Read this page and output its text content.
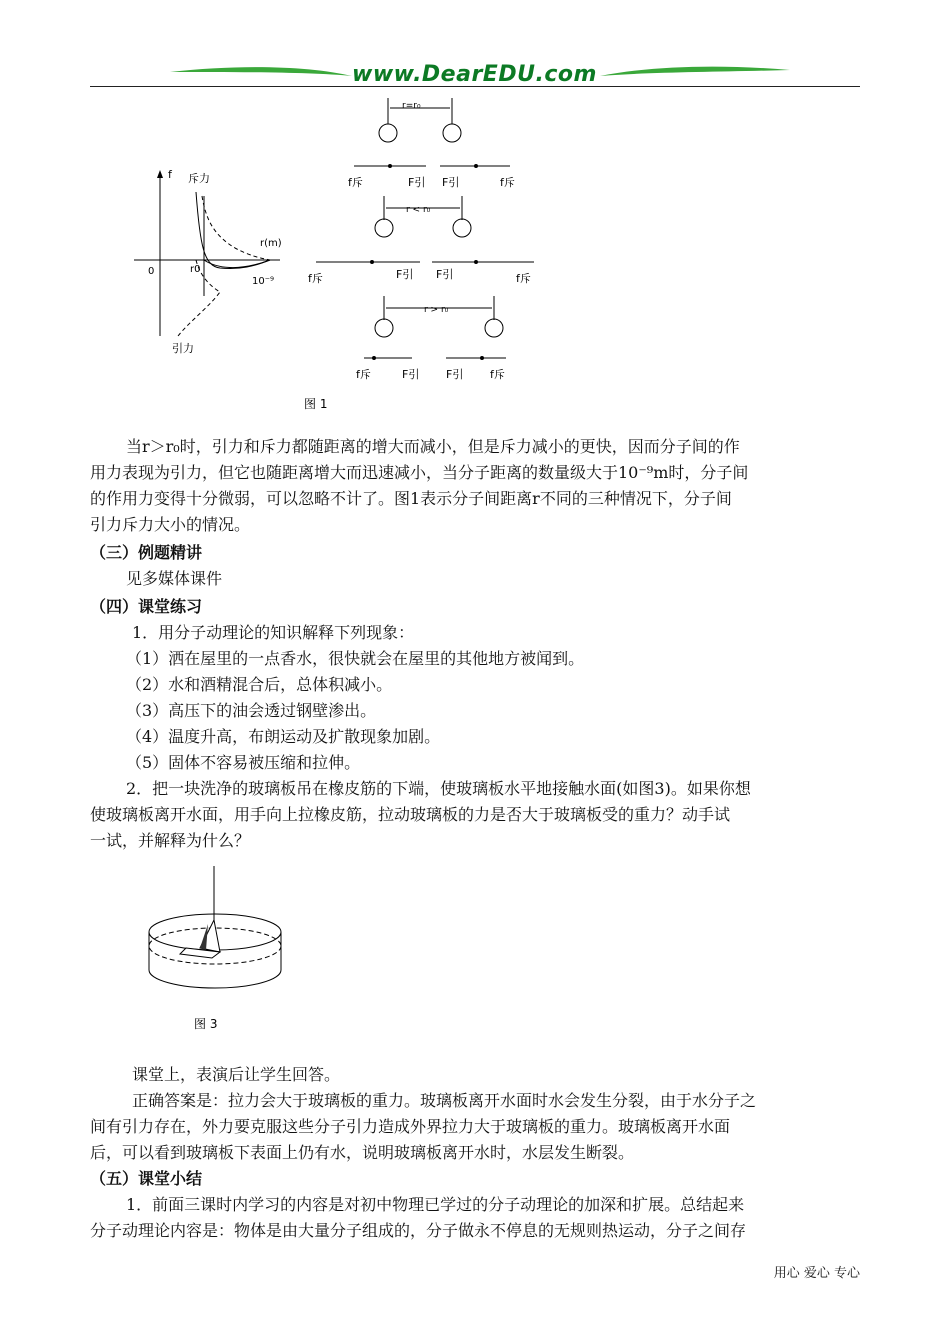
www.DearEDU.com
f 斥力
r(m)
0	r0
10⁻⁹
引力
r=r₀
f斥	F引 F引	f斥
r < r₀
f斥	F引 F引	f斥
r > r₀
f斥	F引 F引 f斥
图 1
当r＞r₀时，引力和斥力都随距离的增大而减小，但是斥力减小的更快，因而分子间的作
用力表现为引力，但它也随距离增大而迅速减小，当分子距离的数量级大于10⁻⁹m时，分子间
的作用力变得十分微弱，可以忽略不计了。图1表示分子间距离r不同的三种情况下，分子间
引力斥力大小的情况。
（三）例题精讲
见多媒体课件
（四）课堂练习
1．用分子动理论的知识解释下列现象：
（1）洒在屋里的一点香水，很快就会在屋里的其他地方被闻到。
（2）水和酒精混合后，总体积减小。
（3）高压下的油会透过钢壁渗出。
（4）温度升高，布朗运动及扩散现象加剧。
（5）固体不容易被压缩和拉伸。
2．把一块洗净的玻璃板吊在橡皮筋的下端，使玻璃板水平地接触水面(如图3)。如果你想
使玻璃板离开水面，用手向上拉橡皮筋，拉动玻璃板的力是否大于玻璃板受的重力？动手试
一试，并解释为什么？
图 3
课堂上，表演后让学生回答。
正确答案是：拉力会大于玻璃板的重力。玻璃板离开水面时水会发生分裂，由于水分子之
间有引力存在，外力要克服这些分子引力造成外界拉力大于玻璃板的重力。玻璃板离开水面
后，可以看到玻璃板下表面上仍有水，说明玻璃板离开水时，水层发生断裂。
（五）课堂小结
1．前面三课时内学习的内容是对初中物理已学过的分子动理论的加深和扩展。总结起来
分子动理论内容是：物体是由大量分子组成的，分子做永不停息的无规则热运动，分子之间存
用心 爱心 专心
